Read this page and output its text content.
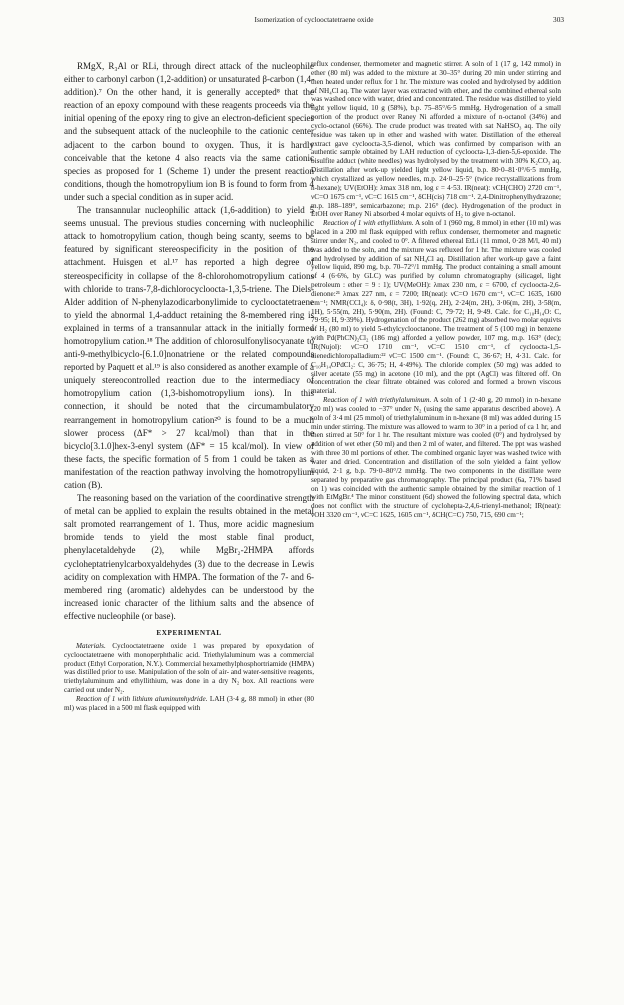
Isomerization of cyclooctatetraene oxide	303

RMgX, R₃Al or RLi, through direct attack of the nucleophile either to carbonyl carbon (1,2-addition) or unsaturated β-carbon (1,4-addition).⁷ On the other hand, it is generally accepted⁸ that the reaction of an epoxy compound with these reagents proceeds via the initial opening of the epoxy ring to give an electron-deficient species and the subsequent attack of the nucleophile to the cationic center adjacent to the carbon bound to oxygen. Thus, it is hardly conceivable that the ketone 4 also reacts via the same cationic species as proposed for 1 (Scheme 1) under the present reaction conditions, though the homotropylium ion B is found to form from 4 under such a special condition as in super acid.

The transannular nucleophilic attack (1,6-addition) to yield 5 seems unusual. The previous studies concerning with nucleophilic attack to homotropylium cation, though being scanty, seems to be featured by significant stereospecificity in the position of the attachment. Huisgen et al.¹⁷ has reported a high degree of stereospecificity in collapse of the 8-chlorohomotropylium cations with chloride to trans-7,8-dichlorocycloocta-1,3,5-triene. The Diels-Alder addition of N-phenylazodicarbonylimide to cyclooctatetraene to yield the abnormal 1,4-adduct retaining the 8-membered ring is explained in terms of a transannular attack in the initially formed homotropylium cation.¹⁸ The addition of chlorosulfonylisocyanate to anti-9-methylbicyclo-[6.1.0]nonatriene or the related compounds reported by Paquett et al.¹⁹ is also considered as another example of a uniquely stereocontrolled reaction due to the intermediacy of homotropylium cation (1,3-bishomotropylium ions). In this connection, it should be noted that the circumambulatory rearrangement in homotropylium cation²⁰ is found to be a much slower process (ΔF* > 27 kcal/mol) than that in the bicyclo[3.1.0]hex-3-enyl system (ΔF* = 15 kcal/mol). In view of these facts, the specific formation of 5 from 1 could be taken as a manifestation of the reaction pathway involving the homotropylium cation (B).

The reasoning based on the variation of the coordinative strength of metal can be applied to explain the results obtained in the metal salt promoted rearrangement of 1. Thus, more acidic magnesium bromide tends to yield the most stable final product, phenylacetaldehyde (2), while MgBr₂-2HMPA affords cycloheptatrienylcarboxyaldehydes (3) due to the decrease in Lewis acidity on complexation with HMPA. The formation of the 7- and 6-membered ring (aromatic) aldehydes can be understood by the increased ionic character of the lithium salts and the absence of effective nucleophile (or base).

EXPERIMENTAL

Materials. Cyclooctatetraene oxide 1 was prepared by epoxydation of cyclooctatetraene with monoperphthalic acid. Triethylaluminum was a commercial product (Ethyl Corporation, N.Y.). Commercial hexamethylphosphortriamide (HMPA) was distilled prior to use. Manipulation of the soln of air- and water-sensitive reagents, triethylaluminum and ethyllithium, was done in a dry N₂ box. All reactions were carried out under N₂.

Reaction of 1 with lithium aluminumhydride. LAH (3·4 g, 88 mmol) in ether (80 ml) was placed in a 500 ml flask equipped with

reflux condenser, thermometer and magnetic stirrer. A soln of 1 (17 g, 142 mmol) in ether (80 ml) was added to the mixture at 30–35° during 20 min under stirring and then heated under reflux for 1 hr. The mixture was cooled and hydrolysed by addition of NH₄Cl aq. The water layer was extracted with ether, and the combined ethereal soln was washed once with water, dried and concentrated. The residue was distilled to yield light yellow liquid, 10 g (58%), b.p. 75–85°/6·5 mmHg. Hydrogenation of a small portion of the product over Raney Ni afforded a mixture of n-octanol (34%) and cyclo-octanol (66%). The crude product was treated with sat NaHSO₃ aq. The oily residue was taken up in ether and washed with water. Distillation of the ethereal extract gave cycloocta-3,5-dienol, which was confirmed by comparison with an authentic sample obtained by LAH reduction of cycloocta-1,3-dien-5,6-epoxide. The bisulfite adduct (white needles) was hydrolysed by the treatment with 30% K₂CO₃ aq. Distillation after work-up yielded light yellow liquid, b.p. 80·0–81·0°/6·5 mmHg, which crystallized as yellow needles, m.p. 24·0–25·5° (twice recrystallizations from n-hexane); UV(EtOH): λmax 318 nm, log ε = 4·53. IR(neat): νCH(CHO) 2720 cm⁻¹, νC=O 1675 cm⁻¹, νC=C 1615 cm⁻¹, δCH(cis) 718 cm⁻¹. 2,4-Dinitrophenylhydrazone; m.p. 188–189°, semicarbazone; m.p. 216° (dec). Hydrogenation of the product in EtOH over Raney Ni absorbed 4 molar equivts of H₂ to give n-octanol.

Reaction of 1 with ethyllithium. A soln of 1 (960 mg, 8 mmol) in ether (10 ml) was placed in a 200 ml flask equipped with reflux condenser, thermometer and magnetic stirrer under N₂, and cooled to 0°. A filtered ethereal EtLi (11 mmol, 0·28 M/l, 40 ml) was added to the soln, and the mixture was refluxed for 1 hr. The mixture was cooled and hydrolysed by addition of sat NH₄Cl aq. Distillation after work-up gave a faint yellow liquid, 890 mg, b.p. 70–72°/1 mmHg. The product containing a small amount of 4 (6·6%, by GLC) was purified by column chromatography (silicagel, light petroleum : ether = 9 : 1); UV(MeOH): λmax 230 nm, ε = 6700, cf cycloocta-2,6-dienone:²¹ λmax 227 nm, ε = 7200; IR(neat): νC=O 1670 cm⁻¹, νC=C 1635, 1600 cm⁻¹; NMR(CCl₄): δ, 0·98(t, 3H), 1·92(q, 2H), 2·24(m, 2H), 3·06(m, 2H), 3·58(m, 1H), 5·55(m, 2H), 5·90(m, 2H). (Found: C, 79·72; H, 9·49. Calc. for C₁₀H₁₄O: C, 79·95; H, 9·39%). Hydrogenation of the product (262 mg) absorbed two molar equivts of H₂ (80 ml) to yield 5-ethylcyclooctanone. The treatment of 5 (100 mg) in benzene with Pd(PhCN)₂Cl₂ (186 mg) afforded a yellow powder, 107 mg, m.p. 163° (dec); IR(Nujol): νC=O 1710 cm⁻¹, νC=C 1510 cm⁻¹, cf cycloocta-1,5-dienedichloropalladium:²² νC=C 1500 cm⁻¹. (Found: C, 36·67; H, 4·31. Calc. for C₁₀H₁₄OPdCl₂: C, 36·75; H, 4·49%). The chloride complex (50 mg) was added to silver acetate (55 mg) in acetone (10 ml), and the ppt (AgCl) was filtered off. On concentration the clear filtrate obtained was colored and formed a brown viscous material.

Reaction of 1 with triethylaluminum. A soln of 1 (2·40 g, 20 mmol) in n-hexane (20 ml) was cooled to −37° under N₂ (using the same apparatus described above). A soln of 3·4 ml (25 mmol) of triethylaluminum in n-hexane (8 ml) was added during 15 min under stirring. The mixture was allowed to warm to 30° in a period of ca 1 hr, and then stirred at 50° for 1 hr. The resultant mixture was cooled (0°) and hydrolysed by addition of wet ether (50 ml) and then 2 ml of water, and filtered. The ppt was washed with three 30 ml portions of ether. The combined organic layer was washed twice with water and dried. Concentration and distillation of the soln yielded a faint yellow liquid, 2·1 g, b.p. 79·0–80°/2 mmHg. The two components in the distillate were separated by preparative gas chromatography. The principal product (6a, 71% based on 1) was coincided with the authentic sample obtained by the similar reaction of 1 with EtMgBr.⁴ The minor constituent (6d) showed the following spectral data, which does not conflict with the structure of cyclohepta-2,4,6-trienyl-methanol; IR(neat): νOH 3320 cm⁻¹, νC=C 1625, 1605 cm⁻¹, δCH(C=C) 750, 715, 690 cm⁻¹;
